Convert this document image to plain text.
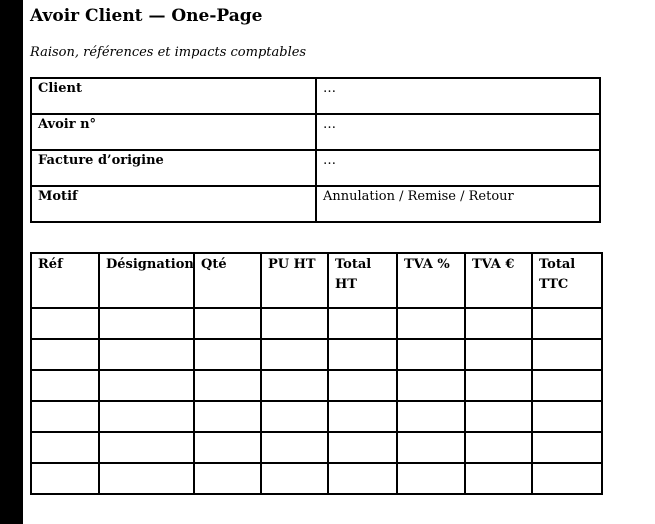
Avoir Client — One-Page
Raison, références et impacts comptables
Client	…
Avoir n°	…
Facture d’origine	…
Motif	Annulation / Remise / Retour
Réf	Désignation	Qté	PU HT	Total HT	TVA %	TVA €	Total TTC
